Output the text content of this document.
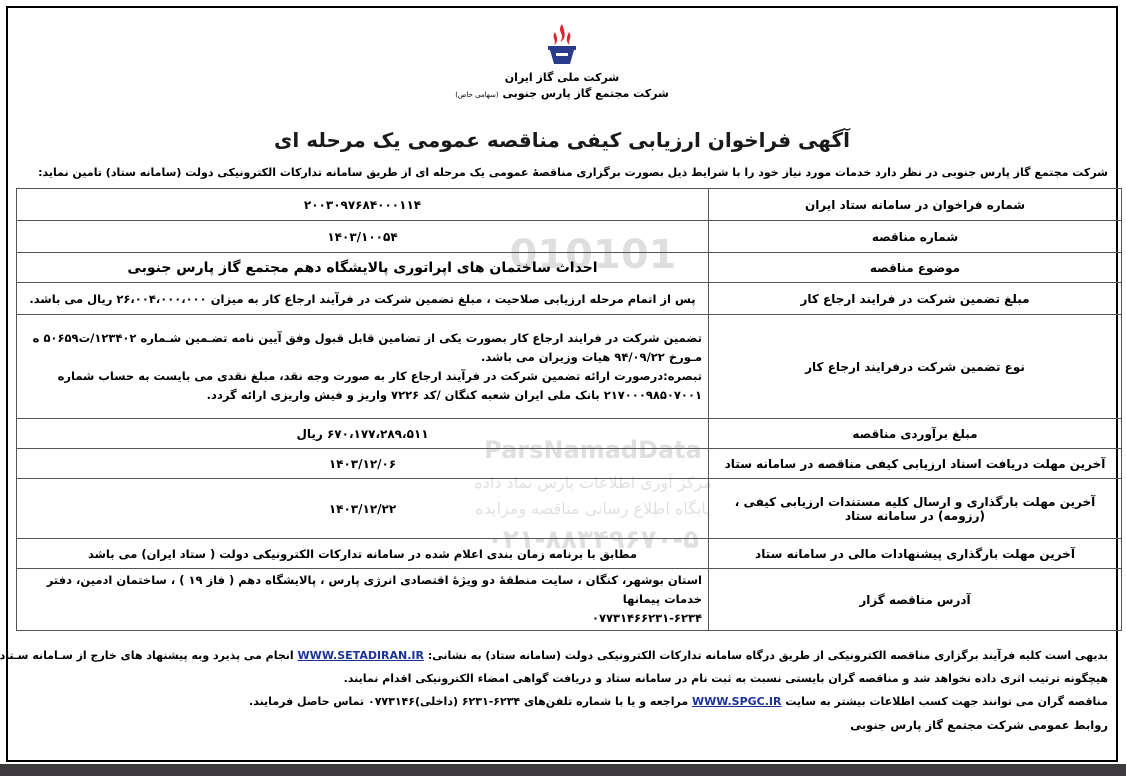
شرکت ملی گاز ایران
شرکت مجتمع گاز پارس جنوبی (سهامی خاص)
آگهی فراخوان ارزیابی کیفی مناقصه عمومی یک مرحله ای
شرکت مجتمع گاز پارس جنوبی در نظر دارد خدمات مورد نیاز خود را با شرایط ذیل بصورت برگزاری مناقصهٔ عمومی یک مرحله ای از طریق سامانه تدارکات الکترونیکی دولت (سامانه ستاد) تامین نماید:
010101
ParsNamadData
مرکز آوری اطلاعات پارس نماد داده
پایگاه اطلاع رسانی مناقصه ومزایده
۰۲۱-۸۸۳۴۹۶۷۰-۵
شماره فراخوان در سامانه ستاد ایران	۲۰۰۳۰۹۷۶۸۴۰۰۰۱۱۴
شماره مناقصه	۱۴۰۳/۱۰۰۵۴
موضوع مناقصه	احداث ساختمان های اپراتوری پالایشگاه دهم مجتمع گاز پارس جنوبی
مبلغ تضمین شرکت در فرایند ارجاع کار	پس از اتمام مرحله ارزیابی صلاحیت ، مبلغ تضمین شرکت در فرآیند ارجاع کار به میزان ۲۶،۰۰۴،۰۰۰،۰۰۰ ریال می باشد.
نوع تضمین شرکت درفرایند ارجاع کار	تضمین شرکت در فرایند ارجاع کار بصورت یکی از تضامین قابل قبول وفق آیین نامه تضـمین شـماره ۱۲۳۴۰۲/ت۵۰۶۵۹ ه مـورخ ۹۴/۰۹/۲۲ هیات وزیران می باشد.
تبصره:درصورت ارائه تضمین شرکت در فرآیند ارجاع کار به صورت وجه نقد، مبلغ نقدی می بایست به حساب شماره ۲۱۷۰۰۰۹۸۵۰۷۰۰۱ بانک ملی ایران شعبه کنگان /کد ۷۲۲۶ واریز و فیش واریزی ارائه گردد.

مبلغ برآوردی مناقصه	۶۷۰،۱۷۷،۲۸۹،۵۱۱ ریال
آخرین مهلت دریافت اسناد ارزیابی کیفی مناقصه در سامانه ستاد	۱۴۰۳/۱۲/۰۶
آخرین مهلت بارگذاری و ارسال کلیه مستندات ارزیابی کیفی ، (رزومه) در سامانه ستاد	۱۴۰۳/۱۲/۲۲
آخرین مهلت بارگذاری پیشنهادات مالی در سامانه ستاد	مطابق با برنامه زمان بندی اعلام شده در سامانه تدارکات الکترونیکی دولت ( ستاد ایران) می باشد
آدرس مناقصه گزار	استان بوشهر، کنگان ، سایت منطقهٔ دو ویژهٔ اقتصادی انرژی پارس ، پالایشگاه دهم ( فاز ۱۹ ) ، ساختمان ادمین، دفتر خدمات پیمانها
۰۷۷۳۱۴۶۶۲۳۱-۶۲۳۴

بدیهی است کلیه فرآیند برگزاری مناقصه الکترونیکی از طریق درگاه سامانه تدارکات الکترونیکی دولت (سامانه ستاد) به نشانی: WWW.SETADIRAN.IR انجام می پذیرد وبه پیشنهاد های خارج از سـامانه سـتاد

هیچگونه ترتیب اثری داده نخواهد شد و مناقصه گران بایستی نسبت به ثبت نام در سامانه ستاد و دریافت گواهی امضاء الکترونیکی اقدام نمایند.

مناقصه گران می توانند جهت کسب اطلاعات بیشتر به سایت WWW.SPGC.IR مراجعه و یا با شماره تلفن‌های ۶۲۳۴-۶۲۳۱ (داخلی)۰۷۷۳۱۴۶ تماس حاصل فرمایند.

روابط عمومی شرکت مجتمع گاز پارس جنوبی
